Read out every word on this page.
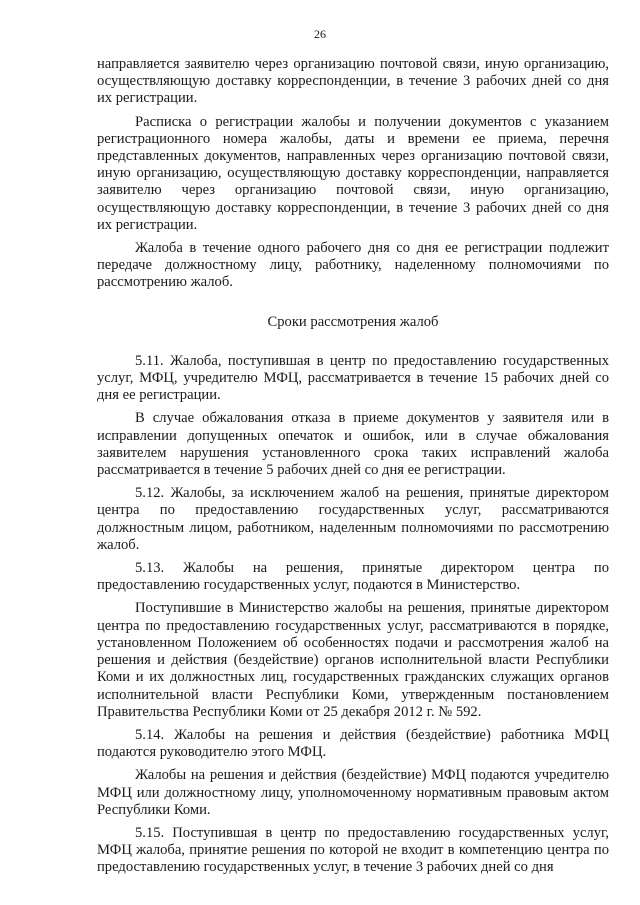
26

направляется заявителю через организацию почтовой связи, иную организацию, осуществляющую доставку корреспонденции, в течение 3 рабочих дней со дня их регистрации.

Расписка о регистрации жалобы и получении документов с указанием регистрационного номера жалобы, даты и времени ее приема, перечня представленных документов, направленных через организацию почтовой связи, иную организацию, осуществляющую доставку корреспонденции, направляется заявителю через организацию почтовой связи, иную организацию, осуществляющую доставку корреспонденции, в течение 3 рабочих дней со дня их регистрации.

Жалоба в течение одного рабочего дня со дня ее регистрации подлежит передаче должностному лицу, работнику, наделенному полномочиями по рассмотрению жалоб.

Сроки рассмотрения жалоб

5.11. Жалоба, поступившая в центр по предоставлению государственных услуг, МФЦ, учредителю МФЦ, рассматривается в течение 15 рабочих дней со дня ее регистрации.

В случае обжалования отказа в приеме документов у заявителя или в исправлении допущенных опечаток и ошибок, или в случае обжалования заявителем нарушения установленного срока таких исправлений жалоба рассматривается в течение 5 рабочих дней со дня ее регистрации.

5.12. Жалобы, за исключением жалоб на решения, принятые директором центра по предоставлению государственных услуг, рассматриваются должностным лицом, работником, наделенным полномочиями по рассмотрению жалоб.

5.13. Жалобы на решения, принятые директором центра по предоставлению государственных услуг, подаются в Министерство.

Поступившие в Министерство жалобы на решения, принятые директором центра по предоставлению государственных услуг, рассматриваются в порядке, установленном Положением об особенностях подачи и рассмотрения жалоб на решения и действия (бездействие) органов исполнительной власти Республики Коми и их должностных лиц, государственных гражданских служащих органов исполнительной власти Республики Коми, утвержденным постановлением Правительства Республики Коми от 25 декабря 2012 г. № 592.

5.14. Жалобы на решения и действия (бездействие) работника МФЦ подаются руководителю этого МФЦ.

Жалобы на решения и действия (бездействие) МФЦ подаются учредителю МФЦ или должностному лицу, уполномоченному нормативным правовым актом Республики Коми.

5.15. Поступившая в центр по предоставлению государственных услуг, МФЦ жалоба, принятие решения по которой не входит в компетенцию центра по предоставлению государственных услуг, в течение 3 рабочих дней со дня
